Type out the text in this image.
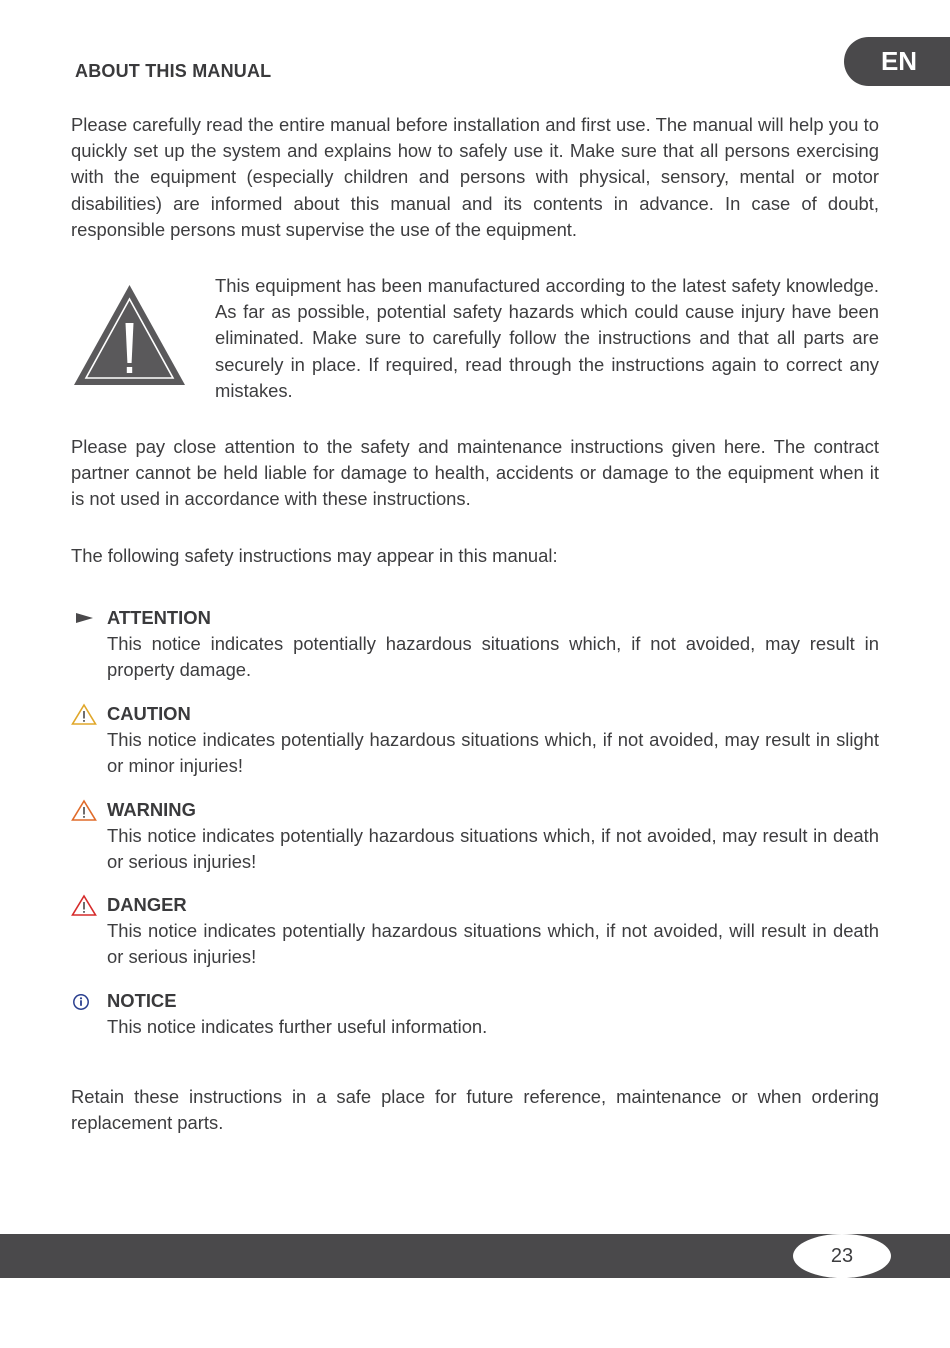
EN
ABOUT THIS MANUAL

Please carefully read the entire manual before installation and first use. The manual will help you to quickly set up the system and explains how to safely use it. Make sure that all persons exercising with the equipment (especially children and persons with physical, sensory, mental or motor disabilities) are informed about this manual and its contents in advance. In case of doubt, responsible persons must supervise the use of the equipment.

This equipment has been manufactured according to the latest safety knowledge. As far as possible, potential safety hazards which could cause injury have been eliminated. Make sure to carefully follow the instructions and that all parts are securely in place. If required, read through the instructions again to correct any mistakes.

Please pay close attention to the safety and maintenance instructions given here. The contract partner cannot be held liable for damage to health, accidents or damage to the equipment when it is not used in accordance with these instructions.

The following safety instructions may appear in this manual:

ATTENTION

This notice indicates potentially hazardous situations which, if not avoided, may result in property damage.

CAUTION

This notice indicates potentially hazardous situations which, if not avoided, may result in slight or minor injuries!

WARNING

This notice indicates potentially hazardous situations which, if not avoided, may result in death or serious injuries!

DANGER

This notice indicates potentially hazardous situations which, if not avoided, will result in death or serious injuries!

NOTICE

This notice indicates further useful information.

Retain these instructions in a safe place for future reference, maintenance or when ordering replacement parts.

23
